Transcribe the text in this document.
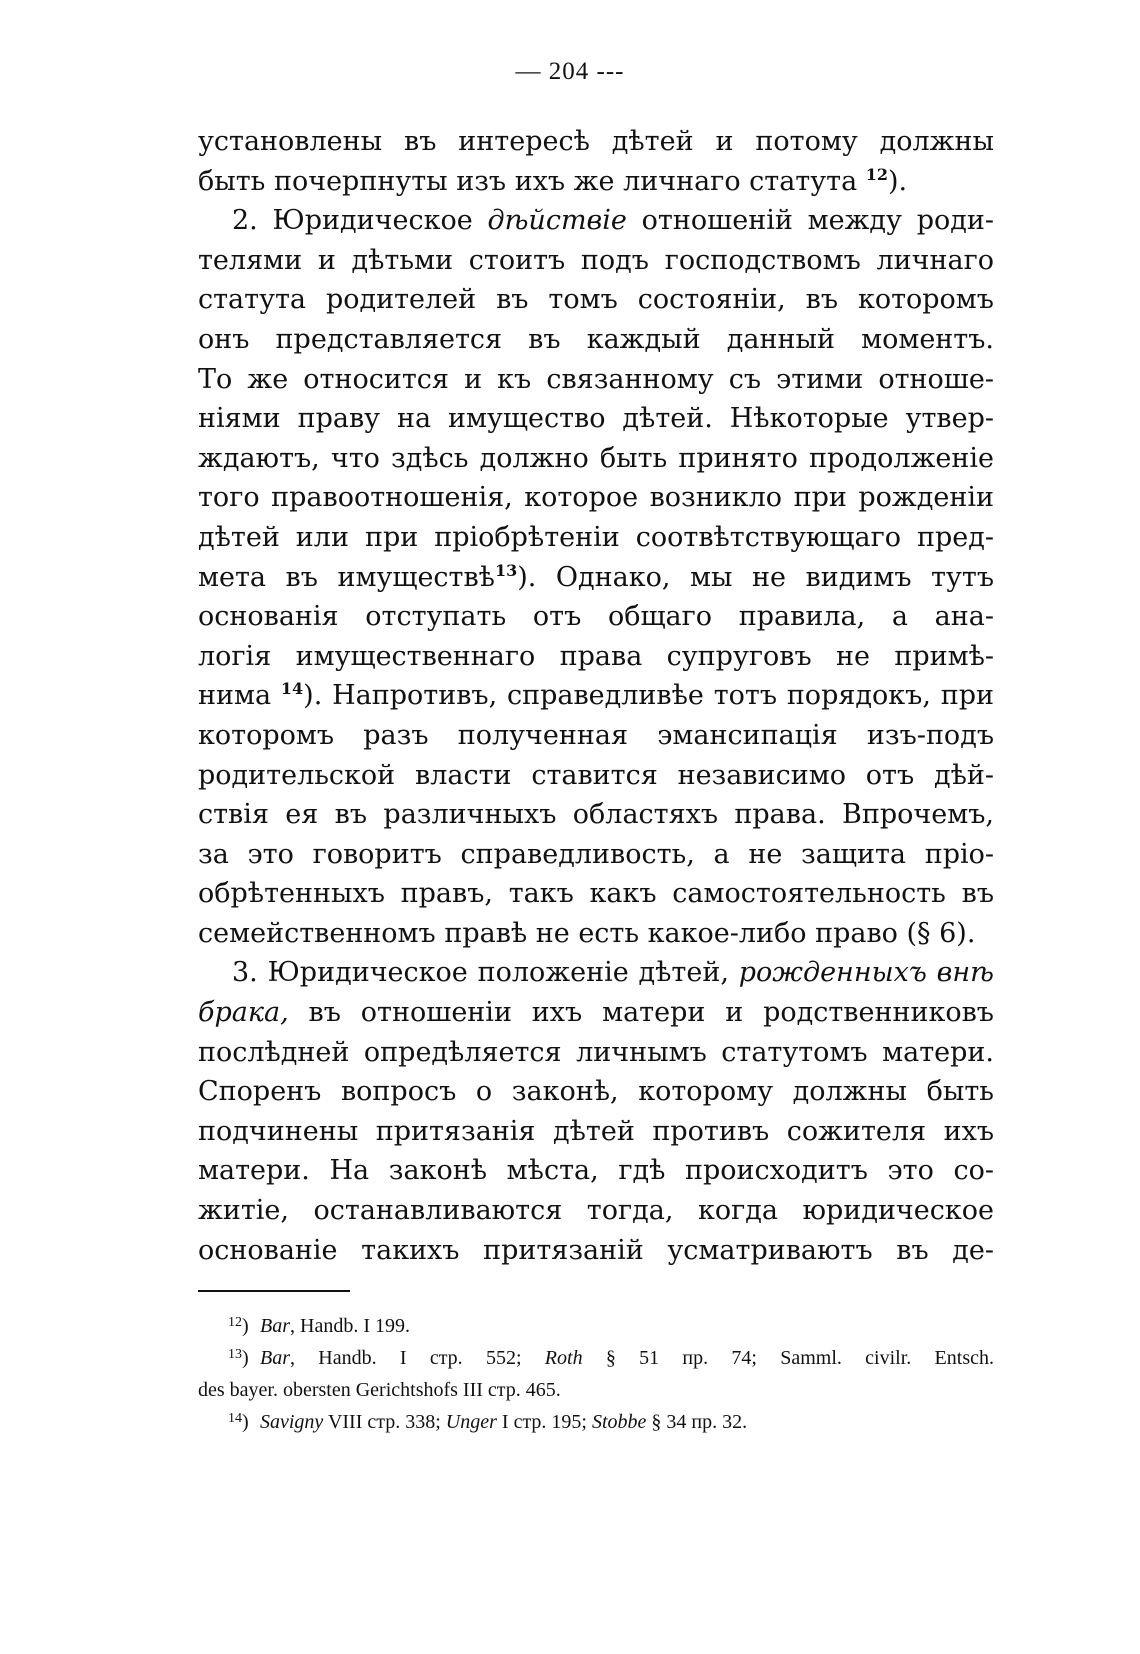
— 204 ---
установлены въ интересѣ дѣтей и потому должны
быть почерпнуты изъ ихъ же личнаго статута $^{12}$).
2. Юридическое дѣйствіе отношеній между роди-
телями и дѣтьми стоитъ подъ господствомъ личнаго
статута родителей въ томъ состояніи, въ которомъ
онъ представляется въ каждый данный моментъ.
То же относится и къ связанному съ этими отноше-
ніями праву на имущество дѣтей. Нѣкоторые утвер-
ждаютъ, что здѣсь должно быть принято продолженіе
того правоотношенія, которое возникло при рожденіи
дѣтей или при пріобрѣтеніи соотвѣтствующаго пред-
мета въ имуществѣ$^{13}$). Однако, мы не видимъ тутъ
основанія отступать отъ общаго правила, а ана-
логія имущественнаго права супруговъ не примѣ-
нима $^{14}$). Напротивъ, справедливѣе тотъ порядокъ, при
которомъ разъ полученная эмансипація изъ-подъ
родительской власти ставится независимо отъ дѣй-
ствія ея въ различныхъ областяхъ права. Впрочемъ,
за это говоритъ справедливость, а не защита пріо-
обрѣтенныхъ правъ, такъ какъ самостоятельность въ
семейственномъ правѣ не есть какое-либо право (§ 6).
3. Юридическое положеніе дѣтей, рожденныхъ внѣ
брака, въ отношеніи ихъ матери и родственниковъ
послѣдней опредѣляется личнымъ статутомъ матери.
Споренъ вопросъ о законѣ, которому должны быть
подчинены притязанія дѣтей противъ сожителя ихъ
матери. На законѣ мѣста, гдѣ происходитъ это со-
житіе, останавливаются тогда, когда юридическое
основаніе такихъ притязаній усматриваютъ въ де-
$^{12}$) Bar, Handb. I 199.
$^{13}$) Bar, Handb. I стр. 552; Roth § 51 пр. 74; Samml. civilr. Entsch.
des bayer. obersten Gerichtshofs III стр. 465.
$^{14}$) Savigny VIII стр. 338; Unger I стр. 195; Stobbe § 34 пр. 32.
